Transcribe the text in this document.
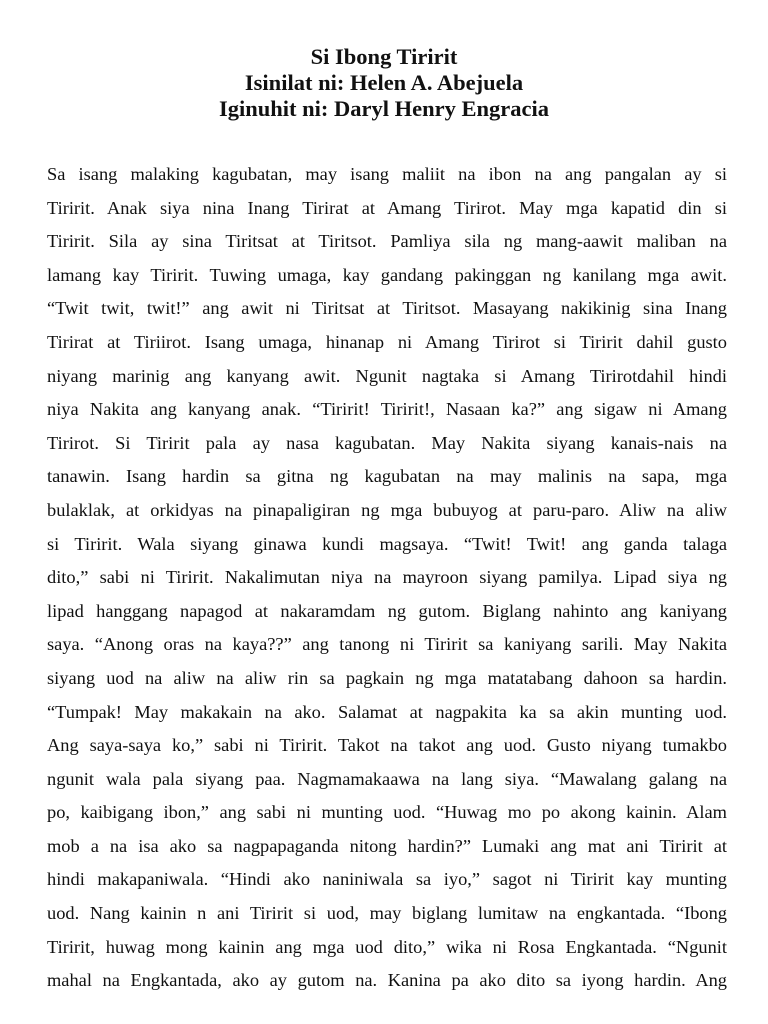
Si Ibong Tiririt
Isinilat ni: Helen A. Abejuela
Iginuhit ni: Daryl Henry Engracia
Sa isang malaking kagubatan, may isang maliit na ibon na ang pangalan ay si
Tiririt. Anak siya nina Inang Tirirat at Amang Tirirot. May mga kapatid din si
Tiririt. Sila ay sina Tiritsat at Tiritsot. Pamliya sila ng mang-aawit maliban na
lamang kay Tiririt. Tuwing umaga, kay gandang pakinggan ng kanilang mga awit.
“Twit twit, twit!” ang awit ni Tiritsat at Tiritsot. Masayang nakikinig sina Inang
Tirirat at Tiriirot. Isang umaga, hinanap ni Amang Tirirot si Tiririt dahil gusto
niyang marinig ang kanyang awit. Ngunit nagtaka si Amang Tirirotdahil hindi
niya Nakita ang kanyang anak. “Tiririt! Tiririt!, Nasaan ka?” ang sigaw ni Amang
Tirirot. Si Tiririt pala ay nasa kagubatan. May Nakita siyang kanais-nais na
tanawin. Isang hardin sa gitna ng kagubatan na may malinis na sapa, mga
bulaklak, at orkidyas na pinapaligiran ng mga bubuyog at paru-paro. Aliw na aliw
si Tiririt. Wala siyang ginawa kundi magsaya. “Twit! Twit! ang ganda talaga
dito,” sabi ni Tiririt. Nakalimutan niya na mayroon siyang pamilya. Lipad siya ng
lipad hanggang napagod at nakaramdam ng gutom. Biglang nahinto ang kaniyang
saya. “Anong oras na kaya??” ang tanong ni Tiririt sa kaniyang sarili. May Nakita
siyang uod na aliw na aliw rin sa pagkain ng mga matatabang dahoon sa hardin.
“Tumpak! May makakain na ako. Salamat at nagpakita ka sa akin munting uod.
Ang saya-saya ko,” sabi ni Tiririt. Takot na takot ang uod. Gusto niyang tumakbo
ngunit wala pala siyang paa. Nagmamakaawa na lang siya. “Mawalang galang na
po, kaibigang ibon,” ang sabi ni munting uod. “Huwag mo po akong kainin. Alam
mob a na isa ako sa nagpapaganda nitong hardin?” Lumaki ang mat ani Tiririt at
hindi makapaniwala. “Hindi ako naniniwala sa iyo,” sagot ni Tiririt kay munting
uod. Nang kainin n ani Tiririt si uod, may biglang lumitaw na engkantada. “Ibong
Tiririt, huwag mong kainin ang mga uod dito,” wika ni Rosa Engkantada. “Ngunit
mahal na Engkantada, ako ay gutom na. Kanina pa ako dito sa iyong hardin. Ang
